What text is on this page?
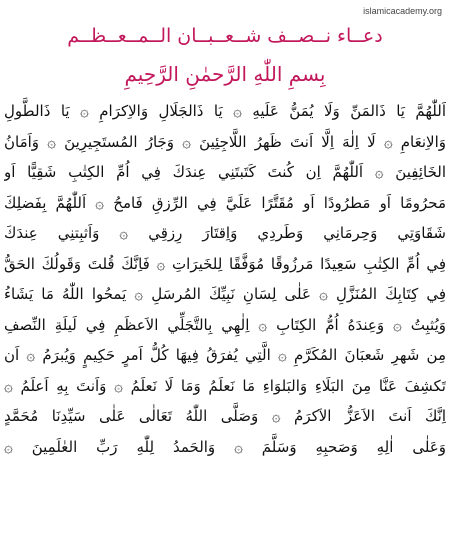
islamicacademy.org
دعــاء نــصــف شــعــبــان الــمــعــظــم
بِسمِ اللّٰهِ الرَّحمٰنِ الرَّحِيمِ
اَللّٰهُمَّ يَا ذَالمَنِّ وَلَا يُمَنُّ عَلَيهِ ۞ يَا ذَالجَلَالِ وَالاِكرَامِ ۞ يَا ذَالطَّولِ
وَالاِنعَامِ ۞ لَا اِلٰهَ اِلَّا اَنتَ ظَهرُ اللَّاجِئِينَ ۞ وَجَارُ المُستَجِيرِينَ ۞ وَاَمَانُ
الخَائِفِينَ ۞ اَللّٰهُمَّ اِن كُنتَ كَتَبتَنِي عِندَكَ فِي اُمِّ الكِتٰبِ شَقِيًّا اَو
مَحرُومًا اَو مَطرُودًا اَو مُقَتَّرًا عَلَيَّ فِي الرِّزقِ فَامحُ ۞ اَللّٰهُمَّ بِفَضلِكَ
شَقَاوَتِي وَحِرمَانِي وَطَردِي وَاِقتَارَ رِزقِي ۞ وَاَثبِتنِي عِندَكَ
فِي اُمِّ الكِتٰبِ سَعِيدًا مَرزُوقًا مُوَفَّقًا لِلخَيرَاتِ ۞ فَاِنَّكَ قُلتَ وَقَولُكَ الحَقُّ
فِي كِتَابِكَ المُنَزَّلِ ۞ عَلٰى لِسَانِ نَبِيِّكَ المُرسَلِ ۞ يَمحُوا اللّٰهُ مَا يَشَاءُ
وَيُثبِتُ ۞ وَعِندَهُ اُمُّ الكِتَابِ ۞ اِلٰهِي بِالتَّجَلِّي الاَعظَمِ فِي لَيلَةِ النِّصفِ
مِن شَهرِ شَعبَانَ المُكَرَّمِ ۞ الَّتِي يُفرَقُ فِيهَا كُلُّ اَمرٍ حَكِيمٍ وَيُبرَمُ ۞ اَن
تَكشِفَ عَنَّا مِنَ البَلَاءِ وَالبَلوَاءِ مَا نَعلَمُ وَمَا لَا نَعلَمُ ۞ وَاَنتَ بِهِ اَعلَمُ ۞
اِنَّكَ اَنتَ الاَعَزُّ الاَكرَمُ ۞ وَصَلَّى اللّٰهُ تَعَالٰى عَلٰى سَيِّدِنَا مُحَمَّدٍ
وَعَلٰى اٰلِهِ وَصَحبِهِ وَسَلَّمَ ۞ وَالحَمدُ لِلّٰهِ رَبِّ العٰلَمِينَ ۞
